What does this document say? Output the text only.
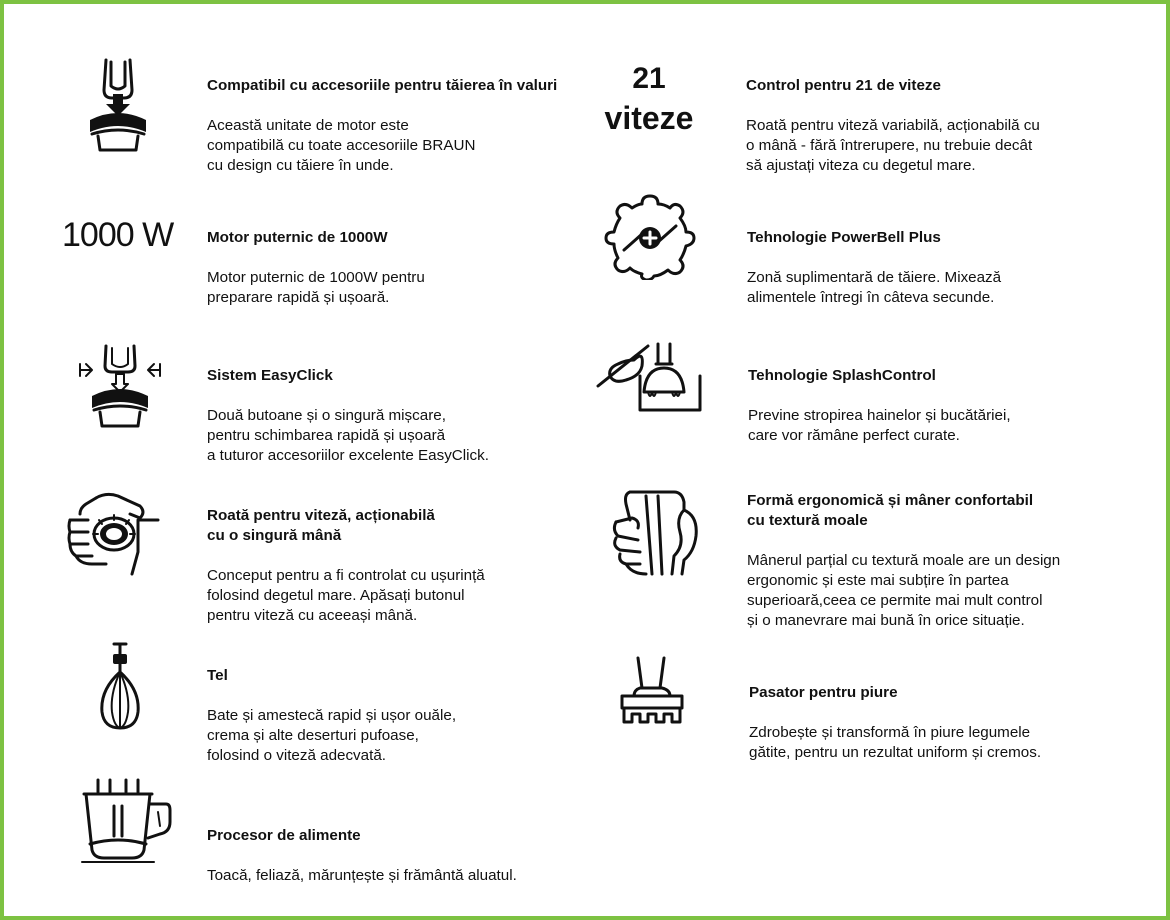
Compatibil cu accesoriile pentru tăierea în valuri

Această unitate de motor este
compatibilă cu toate accesoriile BRAUN
cu design cu tăiere în unde.

1000 W Motor puternic de 1000W

Motor puternic de 1000W pentru
preparare rapidă și ușoară.

Sistem EasyClick

Două butoane și o singură mișcare,
pentru schimbarea rapidă și ușoară
a tuturor accesoriilor excelente EasyClick.

Roată pentru viteză, acționabilă
cu o singură mână

Conceput pentru a fi controlat cu ușurință
folosind degetul mare. Apăsați butonul
pentru viteză cu aceeași mână.

Tel

Bate și amestecă rapid și ușor ouăle,
crema și alte deserturi pufoase,
folosind o viteză adecvată.

Procesor de alimente

Toacă, feliază, mărunțește și frământă aluatul.

21
viteze

Control pentru 21 de viteze

Roată pentru viteză variabilă, acționabilă cu
o mână - fără întrerupere, nu trebuie decât
să ajustați viteza cu degetul mare.

Tehnologie PowerBell Plus

Zonă suplimentară de tăiere. Mixează
alimentele întregi în câteva secunde.

Tehnologie SplashControl

Previne stropirea hainelor și bucătăriei,
care vor rămâne perfect curate.

Formă ergonomică și mâner confortabil
cu textură moale

Mânerul parțial cu textură moale are un design
ergonomic și este mai subțire în partea
superioară,ceea ce permite mai mult control
și o manevrare mai bună în orice situație.

Pasator pentru piure

Zdrobește și transformă în piure legumele
gătite, pentru un rezultat uniform și cremos.
